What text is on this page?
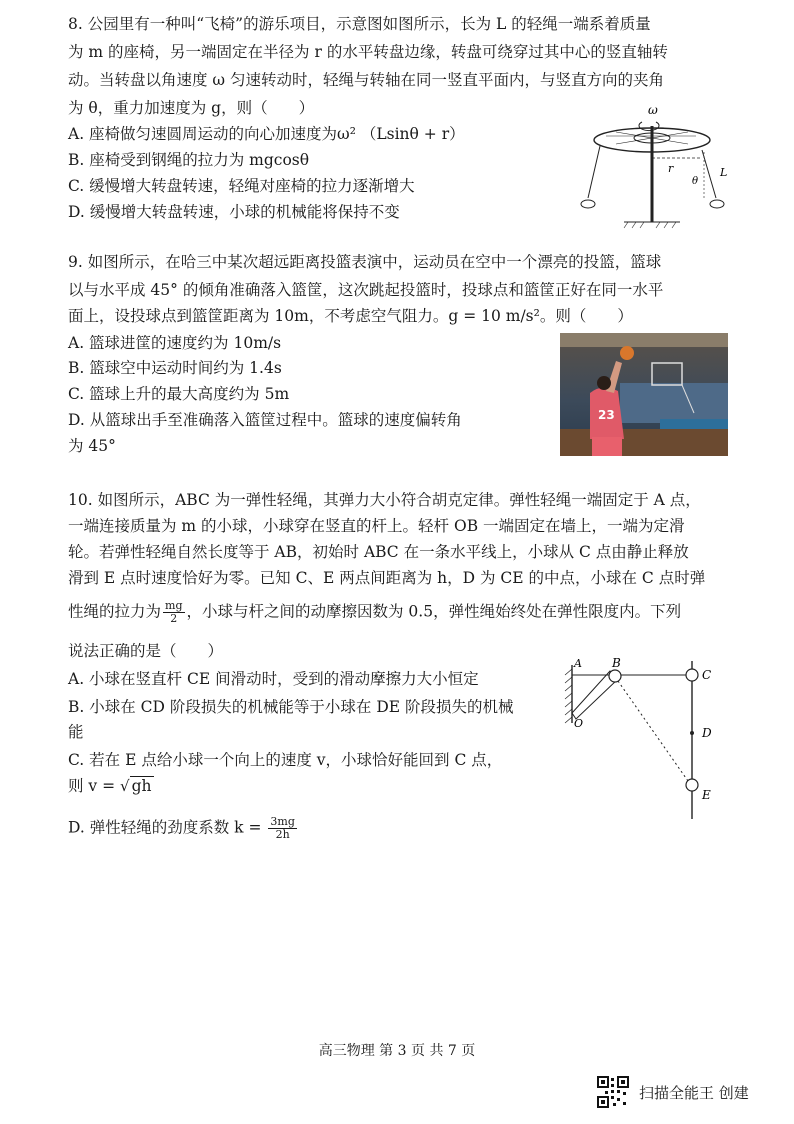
8. 公园里有一种叫“飞椅”的游乐项目，示意图如图所示，长为 L 的轻绳一端系着质量
为 m 的座椅，另一端固定在半径为 r 的水平转盘边缘，转盘可绕穿过其中心的竖直轴转
动。当转盘以角速度 ω 匀速转动时，轻绳与转轴在同一竖直平面内，与竖直方向的夹角
为 θ，重力加速度为 g，则（　　）
A. 座椅做匀速圆周运动的向心加速度为ω² （Lsinθ + r）
B. 座椅受到钢绳的拉力为 mgcosθ
C. 缓慢增大转盘转速，轻绳对座椅的拉力逐渐增大
D. 缓慢增大转盘转速，小球的机械能将保持不变
ω
r
θ
L
9. 如图所示，在哈三中某次超远距离投篮表演中，运动员在空中一个漂亮的投篮，篮球
以与水平成 45° 的倾角准确落入篮筐，这次跳起投篮时，投球点和篮筐正好在同一水平
面上，设投球点到篮筐距离为 10m，不考虑空气阻力。g = 10 m/s²。则（　　）
A. 篮球进筐的速度约为 10m/s
B. 篮球空中运动时间约为 1.4s
C. 篮球上升的最大高度约为 5m
D. 从篮球出手至准确落入篮筐过程中。篮球的速度偏转角
为 45°
23
10. 如图所示，ABC 为一弹性轻绳，其弹力大小符合胡克定律。弹性轻绳一端固定于 A 点，
一端连接质量为 m 的小球，小球穿在竖直的杆上。轻杆 OB 一端固定在墙上，一端为定滑
轮。若弹性轻绳自然长度等于 AB，初始时 ABC 在一条水平线上，小球从 C 点由静止释放
滑到 E 点时速度恰好为零。已知 C、E 两点间距离为 h，D 为 CE 的中点，小球在 C 点时弹
性绳的拉力为 $\frac{mg}{2}$ ，小球与杆之间的动摩擦因数为 0.5，弹性绳始终处在弹性限度内。下列
说法正确的是（　　）
A. 小球在竖直杆 CE 间滑动时，受到的滑动摩擦力大小恒定
B. 小球在 CD 阶段损失的机械能等于小球在 DE 阶段损失的机械
能
C. 若在 E 点给小球一个向上的速度 v，小球恰好能回到 C 点，
则 v = √ gh
D. 弹性轻绳的劲度系数 $k = \frac{3mg}{2h}$
A	B
O
C
D
E
高三物理 第 3 页 共 7 页
扫描全能王 创建
